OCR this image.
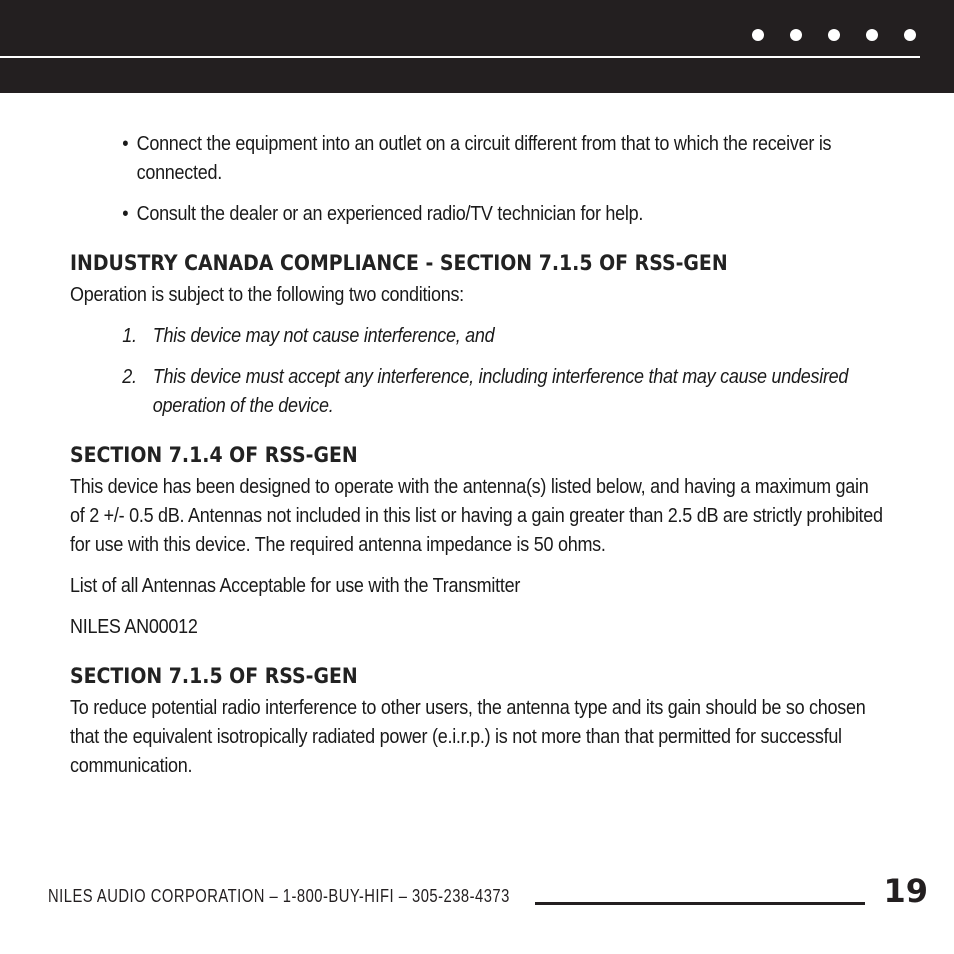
• Connect the equipment into an outlet on a circuit different from that to which the receiver is connected.
• Consult the dealer or an experienced radio/TV technician for help.
INDUSTRY CANADA COMPLIANCE - SECTION 7.1.5 OF RSS-GEN

Operation is subject to the following two conditions:

1. This device may not cause interference, and
2. This device must accept any interference, including interference that may cause undesired operation of the device.
SECTION 7.1.4 OF RSS-GEN

This device has been designed to operate with the antenna(s) listed below, and having a maximum gain of 2 +/- 0.5 dB. Antennas not included in this list or having a gain greater than 2.5 dB are strictly prohibited for use with this device. The required antenna impedance is 50 ohms.

List of all Antennas Acceptable for use with the Transmitter

NILES AN00012

SECTION 7.1.5 OF RSS-GEN

To reduce potential radio interference to other users, the antenna type and its gain should be so chosen that the equivalent isotropically radiated power (e.i.r.p.) is not more than that permitted for successful communication.

NILES AUDIO CORPORATION – 1-800-BUY-HIFI – 305-238-4373	19
